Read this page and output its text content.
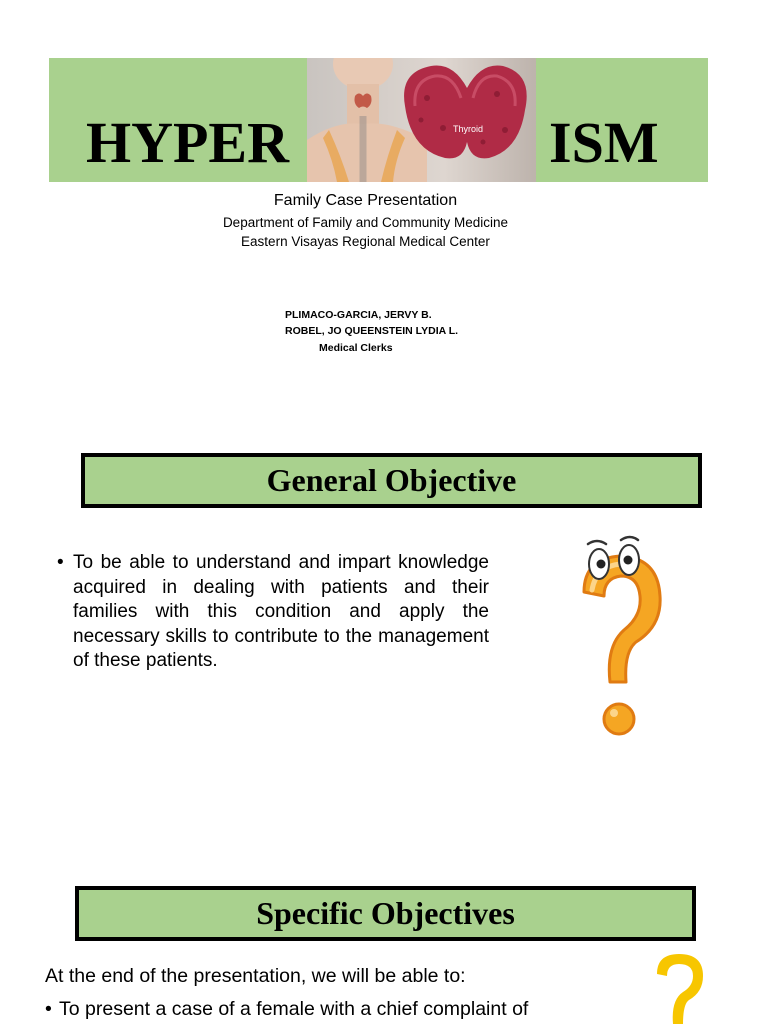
HYPER	Thyroid ISM

Family Case Presentation

Department of Family and Community Medicine

Eastern Visayas Regional Medical Center

PLIMACO-GARCIA, JERVY B.

ROBEL, JO QUEENSTEIN LYDIA L.

Medical Clerks

General Objective
• To be able to understand and impart knowledge acquired in dealing with patients and their families with this condition and apply the necessary skills to contribute to the management of these patients.
Specific Objectives

At the end of the presentation, we will be able to:

• To present a case of a female with a chief complaint of
